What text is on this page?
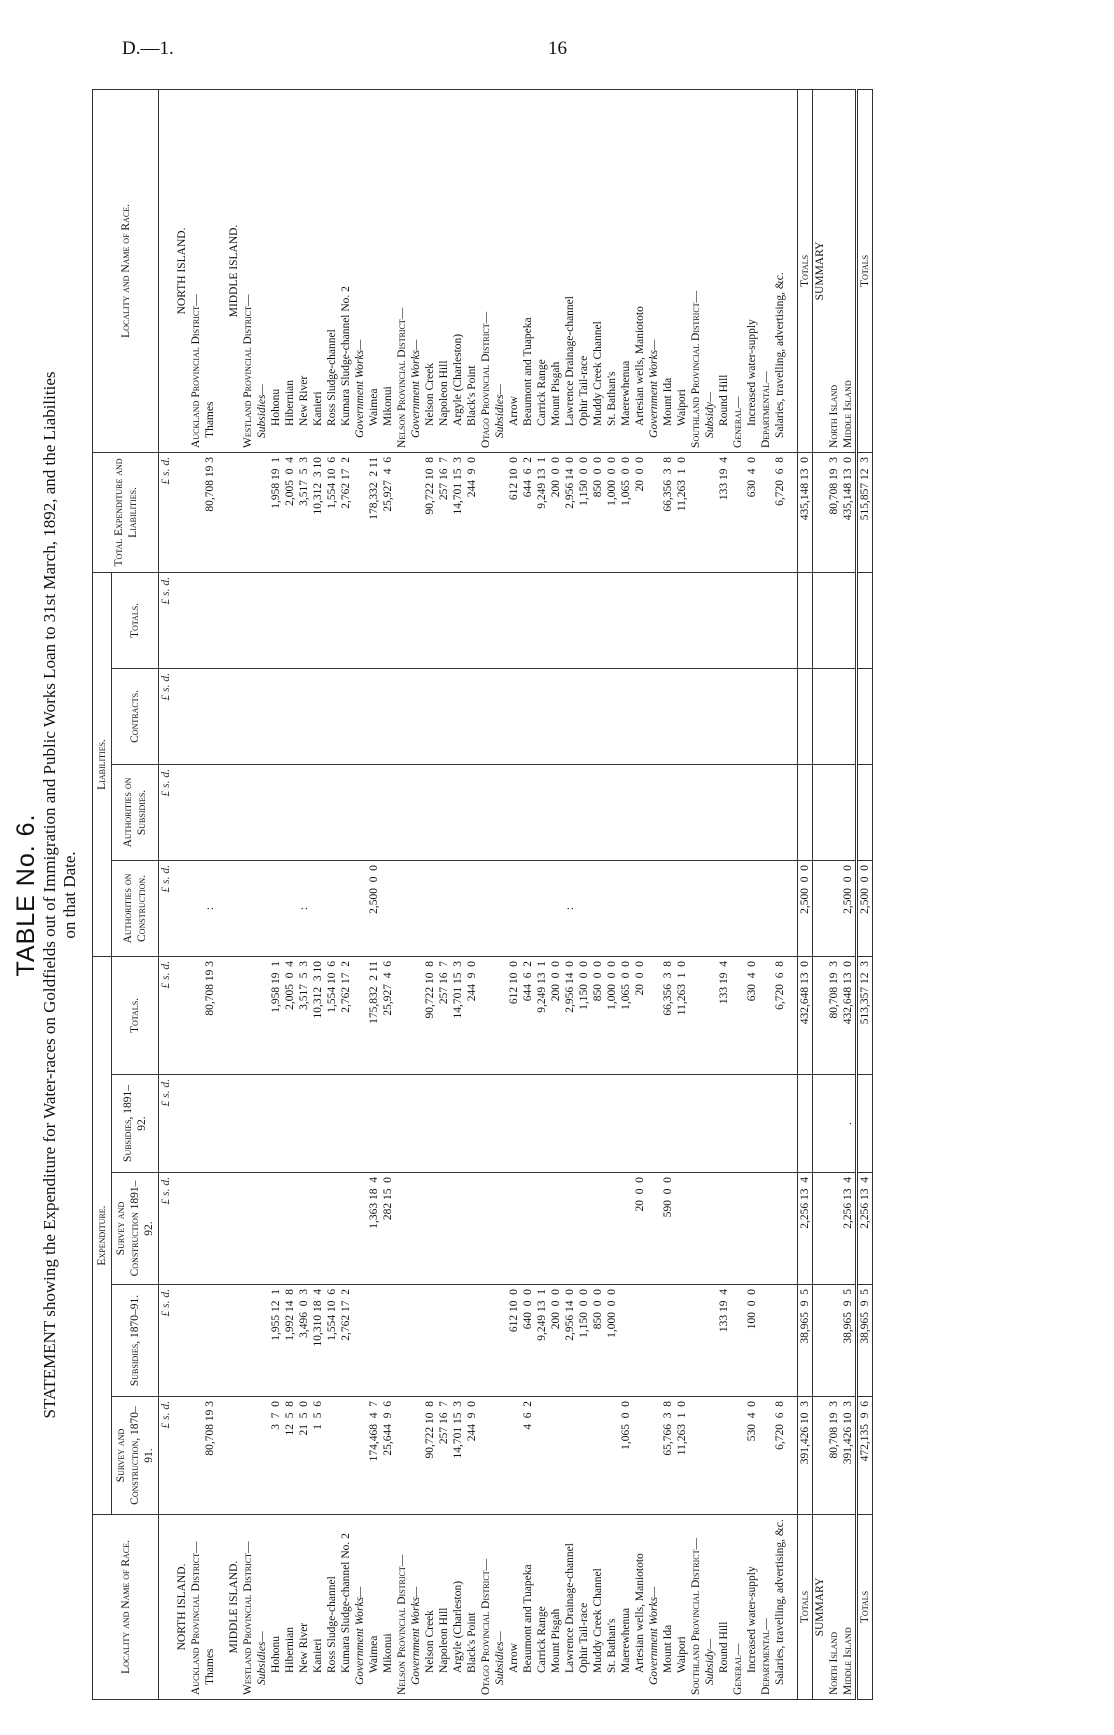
D.—1.	16
TABLE No. 6. STATEMENT showing the Expenditure for Water-races on Goldfields out of Immigration and Public Works Loan to 31st March, 1892, and the Liabilities on that Date.
Locality and Name of Race.	Expenditure.					Liabilities.				Total Expenditure and Liabilities.	Locality and Name of Race.
	Survey and Construction, 1870–91.	Subsidies, 1870–91.	Survey and Construction 1891–92.	Subsidies, 1891–92.	Totals.	Authorities on Construction.	Authorities on Subsidies.	Contracts.	Totals.		
	£ s. d.	£ s. d.	£ s. d.	£ s. d.	£ s. d.	£ s. d.	£ s. d.	£ s. d.	£ s. d.	£ s. d.	
NORTH ISLAND.											NORTH ISLAND.
Auckland Provincial District—											Auckland Provincial District—
Thames	80,708 19 3				80,708 19 3	:				80,708 19 3	Thames

MIDDLE ISLAND.											MIDDLE ISLAND.
Westland Provincial District—											Westland Provincial District—
Subsidies—											Subsidies—
Hohonu	3  7  0	1,955 12  1			1,958 19  1					1,958 19  1	Hohonu
Hibernian	12  5  8	1,992 14  8			2,005  0  4					2,005  0  4	Hibernian
New River	21  5  0	3,496  0  3			3,517  5  3	:				3,517  5  3	New River
Kanieri	1  5  6	10,310 18  4			10,312  3 10					10,312  3 10	Kanieri
Ross Sludge-channel		1,554 10  6			1,554 10  6					1,554 10  6	Ross Sludge-channel
Kumara Sludge-channel No. 2		2,762 17  2			2,762 17  2					2,762 17  2	Kumara Sludge-channel No. 2
Government Works—											Government Works—
Waimea	174,468  4  7		1,363 18  4		175,832  2 11	2,500  0  0				178,332  2 11	Waimea
Mikonui	25,644  9  6		282 15  0		25,927  4  6					25,927  4  6	Mikonui
Nelson Provincial District—											Nelson Provincial District—
Government Works—											Government Works—
Nelson Creek	90,722 10  8				90,722 10  8					90,722 10  8	Nelson Creek
Napoleon Hill	257 16  7				257 16  7					257 16  7	Napoleon Hill
Argyle (Charleston)	14,701 15  3				14,701 15  3					14,701 15  3	Argyle (Charleston)
Black's Point	244  9  0				244  9  0					244  9  0	Black's Point
Otago Provincial District—											Otago Provincial District—
Subsidies—											Subsidies—
Arrow		612 10  0			612 10  0					612 10  0	Arrow
Beaumont and Tuapeka	4  6  2	640  0  0			644  6  2					644  6  2	Beaumont and Tuapeka
Carrick Range		9,249 13  1			9,249 13  1					9,249 13  1	Carrick Range
Mount Pisgah		200  0  0			200  0  0					200  0  0	Mount Pisgah
Lawrence Drainage-channel		2,956 14  0			2,956 14  0	:				2,956 14  0	Lawrence Drainage-channel
Ophir Tail-race		1,150  0  0			1,150  0  0					1,150  0  0	Ophir Tail-race
Muddy Creek Channel		850  0  0			850  0  0					850  0  0	Muddy Creek Channel
St. Bathan's		1,000  0  0			1,000  0  0					1,000  0  0	St. Bathan's
Maerewhenua	1,065  0  0				1,065  0  0					1,065  0  0	Maerewhenua
Artesian wells, Maniototo			20  0  0		20  0  0					20  0  0	Artesian wells, Maniototo
Government Works—											Government Works—
Mount Ida	65,766  3  8		590  0  0		66,356  3  8					66,356  3  8	Mount Ida
Waipori	11,263  1  0				11,263  1  0					11,263  1  0	Waipori
Southland Provincial District—											Southland Provincial District—
Subsidy—											Subsidy—
Round Hill		133 19  4			133 19  4					133 19  4	Round Hill
General—											General—
Increased water-supply	530  4  0	100  0  0			630  4  0					630  4  0	Increased water-supply
Departmental—											Departmental—
Salaries, travelling, advertising, &c.	6,720  6  8				6,720  6  8					6,720  6  8	Salaries, travelling, advertising, &c.

Totals	391,426 10  3	38,965  9  5	2,256 13  4		432,648 13  0	2,500  0  0				435,148 13  0	Totals
SUMMARY											SUMMARY
North Island	80,708 19  3				80,708 19  3					80,708 19  3	North Island
Middle Island	391,426 10  3	38,965  9  5	2,256 13  4	.	432,648 13  0	2,500  0  0				435,148 13  0	Middle Island
Totals	472,135  9  6	38,965  9  5	2,256 13  4		513,357 12  3	2,500  0  0				515,857 12  3	Totals
